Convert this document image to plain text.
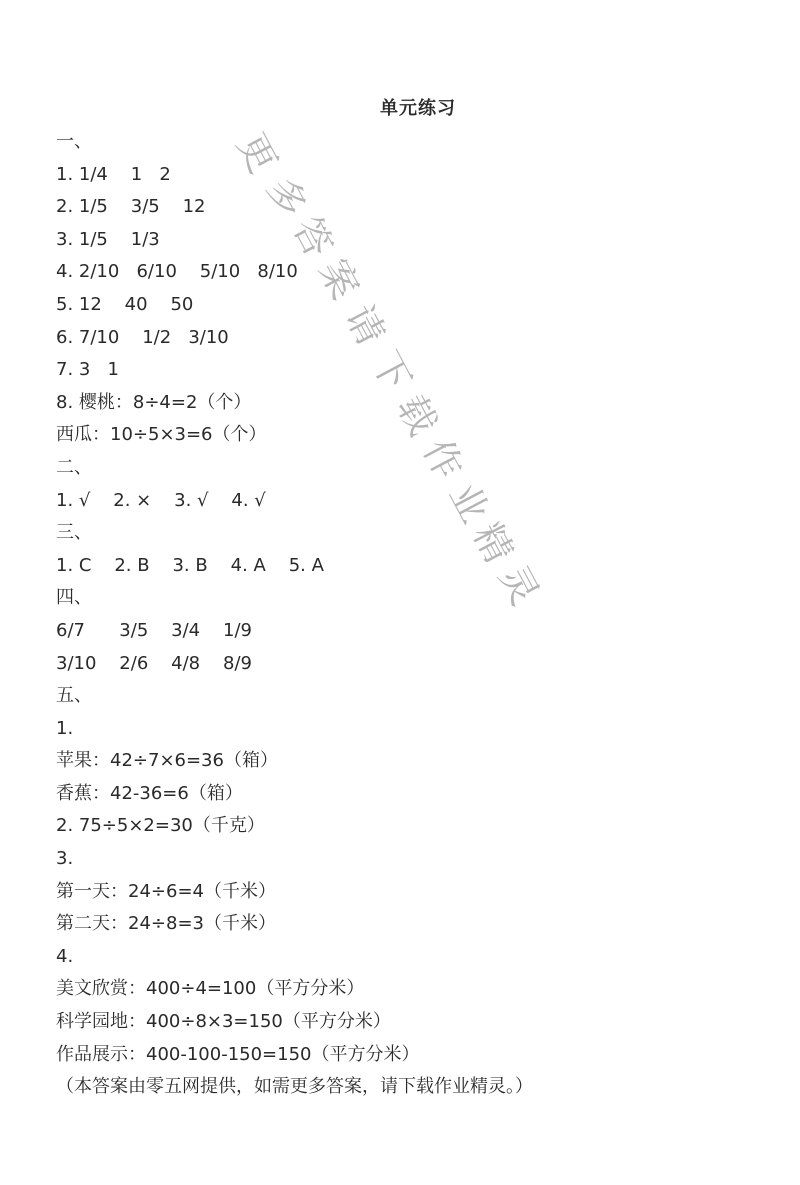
单元练习
一、
1. 1/4    1   2
2. 1/5    3/5    12
3. 1/5    1/3
4. 2/10   6/10    5/10   8/10
5. 12    40    50
6. 7/10    1/2   3/10
7. 3   1
8. 樱桃：8÷4=2（个）
西瓜：10÷5×3=6（个）
二、
1. √    2. ×    3. √    4. √
三、
1. C    2. B    3. B    4. A    5. A
四、
6/7      3/5    3/4    1/9
3/10    2/6    4/8    8/9
五、
1.
苹果：42÷7×6=36（箱）
香蕉：42-36=6（箱）
2. 75÷5×2=30（千克）
3.
第一天：24÷6=4（千米）
第二天：24÷8=3（千米）
4.
美文欣赏：400÷4=100（平方分米）
科学园地：400÷8×3=150（平方分米）
作品展示：400-100-150=150（平方分米）
（本答案由零五网提供，如需更多答案，请下载作业精灵。）
更
多
答
案
请
下
载
作
业
精
灵
